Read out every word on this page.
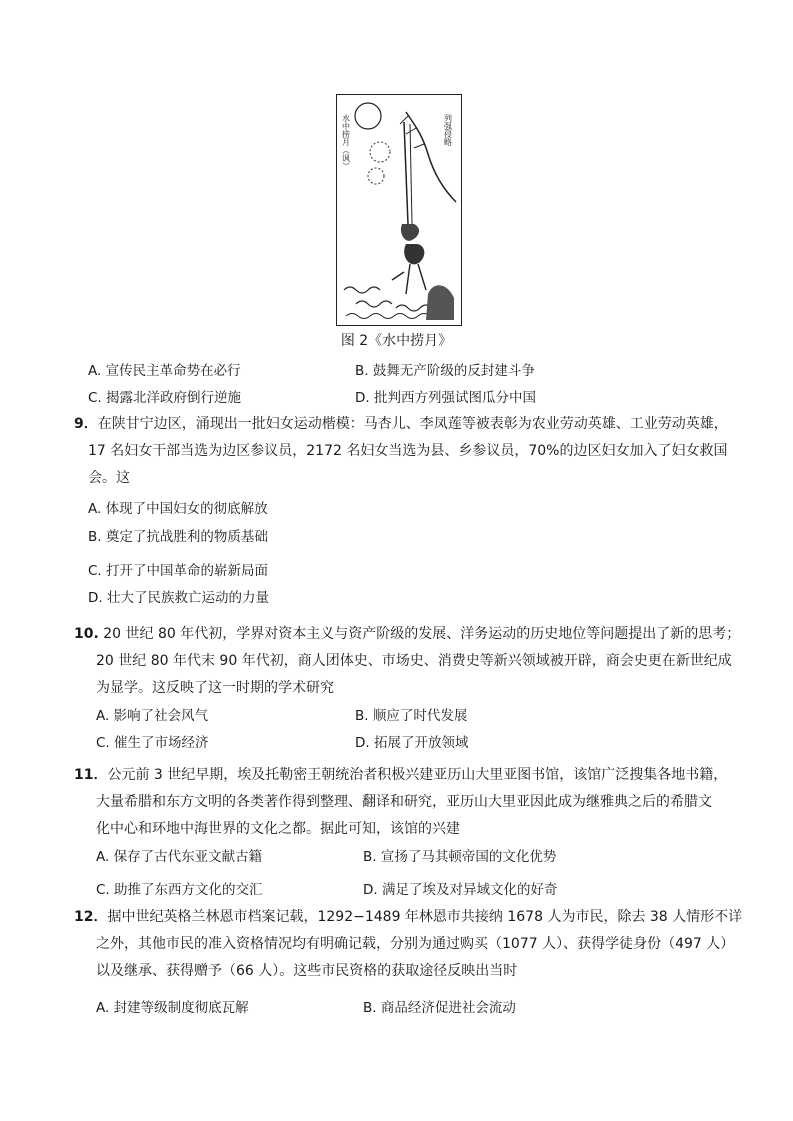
列强侵略
水中捞月（讽）
图 2《水中捞月》
A. 宣传民主革命势在必行	B. 鼓舞无产阶级的反封建斗争
C. 揭露北洋政府倒行逆施	D. 批判西方列强试图瓜分中国
9．在陕甘宁边区，涌现出一批妇女运动楷模：马杏儿、李凤莲等被表彰为农业劳动英雄、工业劳动英雄，
17 名妇女干部当选为边区参议员，2172 名妇女当选为县、乡参议员，70%的边区妇女加入了妇女救国
会。这
A. 体现了中国妇女的彻底解放
B. 奠定了抗战胜利的物质基础
C. 打开了中国革命的崭新局面
D. 壮大了民族救亡运动的力量
10. 20 世纪 80 年代初，学界对资本主义与资产阶级的发展、洋务运动的历史地位等问题提出了新的思考；
20 世纪 80 年代末 90 年代初，商人团体史、市场史、消费史等新兴领域被开辟，商会史更在新世纪成
为显学。这反映了这一时期的学术研究
A. 影响了社会风气	B. 顺应了时代发展
C. 催生了市场经济	D. 拓展了开放领域
11．公元前 3 世纪早期，埃及托勒密王朝统治者积极兴建亚历山大里亚图书馆，该馆广泛搜集各地书籍，
大量希腊和东方文明的各类著作得到整理、翻译和研究，亚历山大里亚因此成为继雅典之后的希腊文
化中心和环地中海世界的文化之都。据此可知，该馆的兴建
A. 保存了古代东亚文献古籍	B. 宣扬了马其顿帝国的文化优势
C. 助推了东西方文化的交汇	D. 满足了埃及对异域文化的好奇
12．据中世纪英格兰林恩市档案记载，1292−1489 年林恩市共接纳 1678 人为市民，除去 38 人情形不详
之外，其他市民的准入资格情况均有明确记载，分别为通过购买（1077 人）、获得学徒身份（497 人）
以及继承、获得赠予（66 人）。这些市民资格的获取途径反映出当时
A. 封建等级制度彻底瓦解	B. 商品经济促进社会流动
